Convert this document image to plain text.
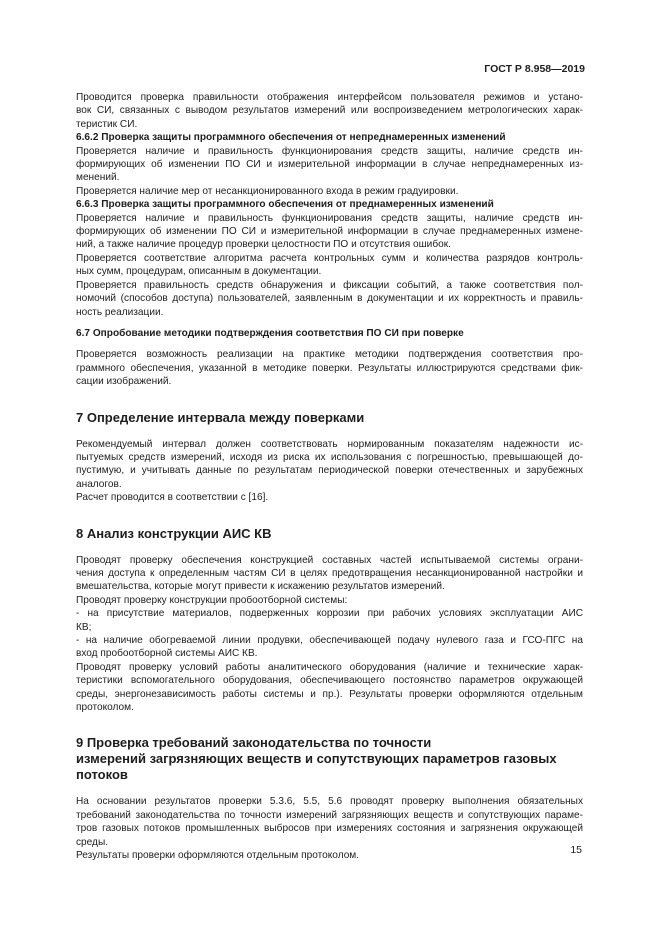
ГОСТ Р 8.958—2019
Проводится проверка правильности отображения интерфейсом пользователя режимов и устано-
вок СИ, связанных с выводом результатов измерений или воспроизведением метрологических харак-
теристик СИ.
6.6.2 Проверка защиты программного обеспечения от непреднамеренных изменений
Проверяется наличие и правильность функционирования средств защиты, наличие средств ин-
формирующих об изменении ПО СИ и измерительной информации в случае непреднамеренных из-
менений.
Проверяется наличие мер от несанкционированного входа в режим градуировки.
6.6.3 Проверка защиты программного обеспечения от преднамеренных изменений
Проверяется наличие и правильность функционирования средств защиты, наличие средств ин-
формирующих об изменении ПО СИ и измерительной информации в случае преднамеренных измене-
ний, а также наличие процедур проверки целостности ПО и отсутствия ошибок.
Проверяется соответствие алгоритма расчета контрольных сумм и количества разрядов контроль-
ных сумм, процедурам, описанным в документации.
Проверяется правильность средств обнаружения и фиксации событий, а также соответствия пол-
номочий (способов доступа) пользователей, заявленным в документации и их корректность и правиль-
ность реализации.
6.7 Опробование методики подтверждения соответствия ПО СИ при поверке
Проверяется возможность реализации на практике методики подтверждения соответствия про-
граммного обеспечения, указанной в методике поверки. Результаты иллюстрируются средствами фик-
сации изображений.
7 Определение интервала между поверками
Рекомендуемый интервал должен соответствовать нормированным показателям надежности ис-
пытуемых средств измерений, исходя из риска их использования с погрешностью, превышающей до-
пустимую, и учитывать данные по результатам периодической поверки отечественных и зарубежных
аналогов.
Расчет проводится в соответствии с [16].
8 Анализ конструкции АИС КВ
Проводят проверку обеспечения конструкцией составных частей испытываемой системы ограни-
чения доступа к определенным частям СИ в целях предотвращения несанкционированной настройки и
вмешательства, которые могут привести к искажению результатов измерений.
Проводят проверку конструкции пробоотборной системы:
- на присутствие материалов, подверженных коррозии при рабочих условиях эксплуатации АИС
КВ;
- на наличие обогреваемой линии продувки, обеспечивающей подачу нулевого газа и ГСО-ПГС на
вход пробоотборной системы АИС КВ.
Проводят проверку условий работы аналитического оборудования (наличие и технические харак-
теристики вспомогательного оборудования, обеспечивающего постоянство параметров окружающей
среды, энергонезависимость работы системы и пр.). Результаты проверки оформляются отдельным
протоколом.
9 Проверка требований законодательства по точности
измерений загрязняющих веществ и сопутствующих параметров газовых
потоков
На основании результатов проверки 5.3.6, 5.5, 5.6 проводят проверку выполнения обязательных
требований законодательства по точности измерений загрязняющих веществ и сопутствующих параме-
тров газовых потоков промышленных выбросов при измерениях состояния и загрязнения окружающей
среды.
Результаты проверки оформляются отдельным протоколом.	15
